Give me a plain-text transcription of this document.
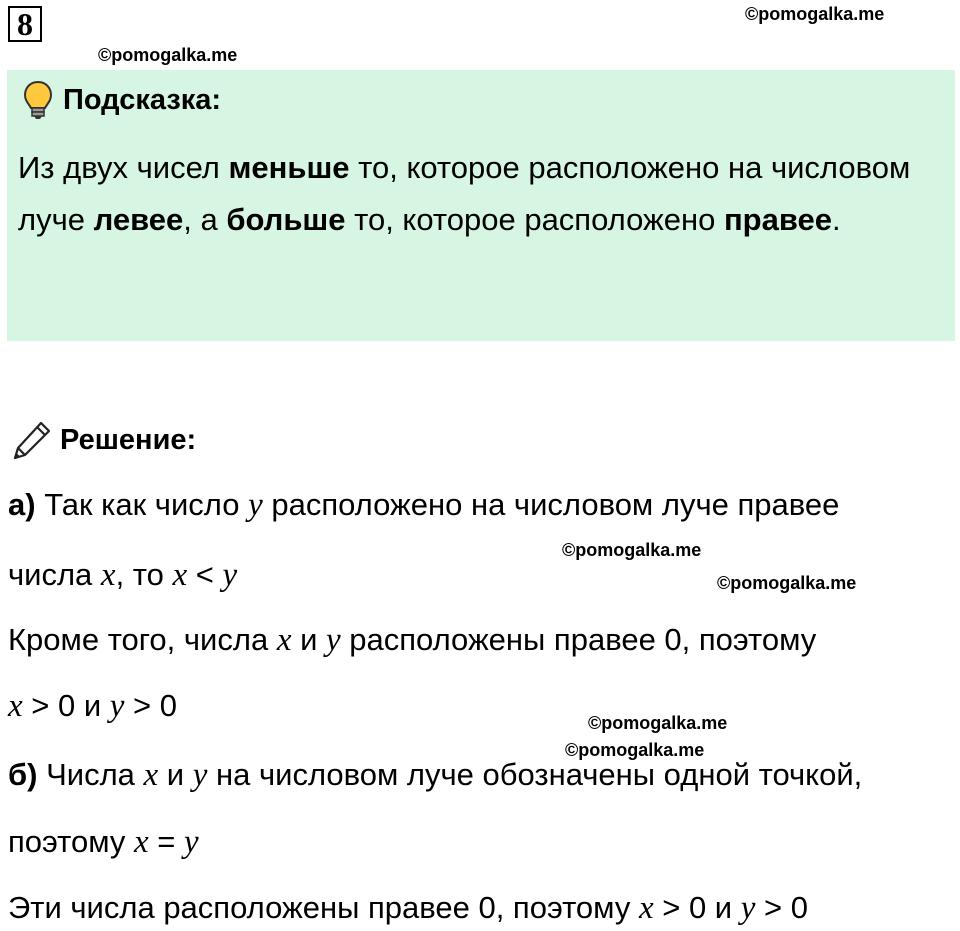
8	©pomogalka.me
©pomogalka.me
Подсказка:
Из двух чисел меньше то, которое расположено на числовом луче левее, а больше то, которое расположено правее.
Решение:
а) Так как число y расположено на числовом луче правее
©pomogalka.me
©pomogalka.me
числа x, то x < y
Кроме того, числа x и y расположены правее 0, поэтому
x > 0 и y > 0	©pomogalka.me
©pomogalka.me
б) Числа x и y на числовом луче обозначены одной точкой,
поэтому x = y
Эти числа расположены правее 0, поэтому x > 0 и y > 0
